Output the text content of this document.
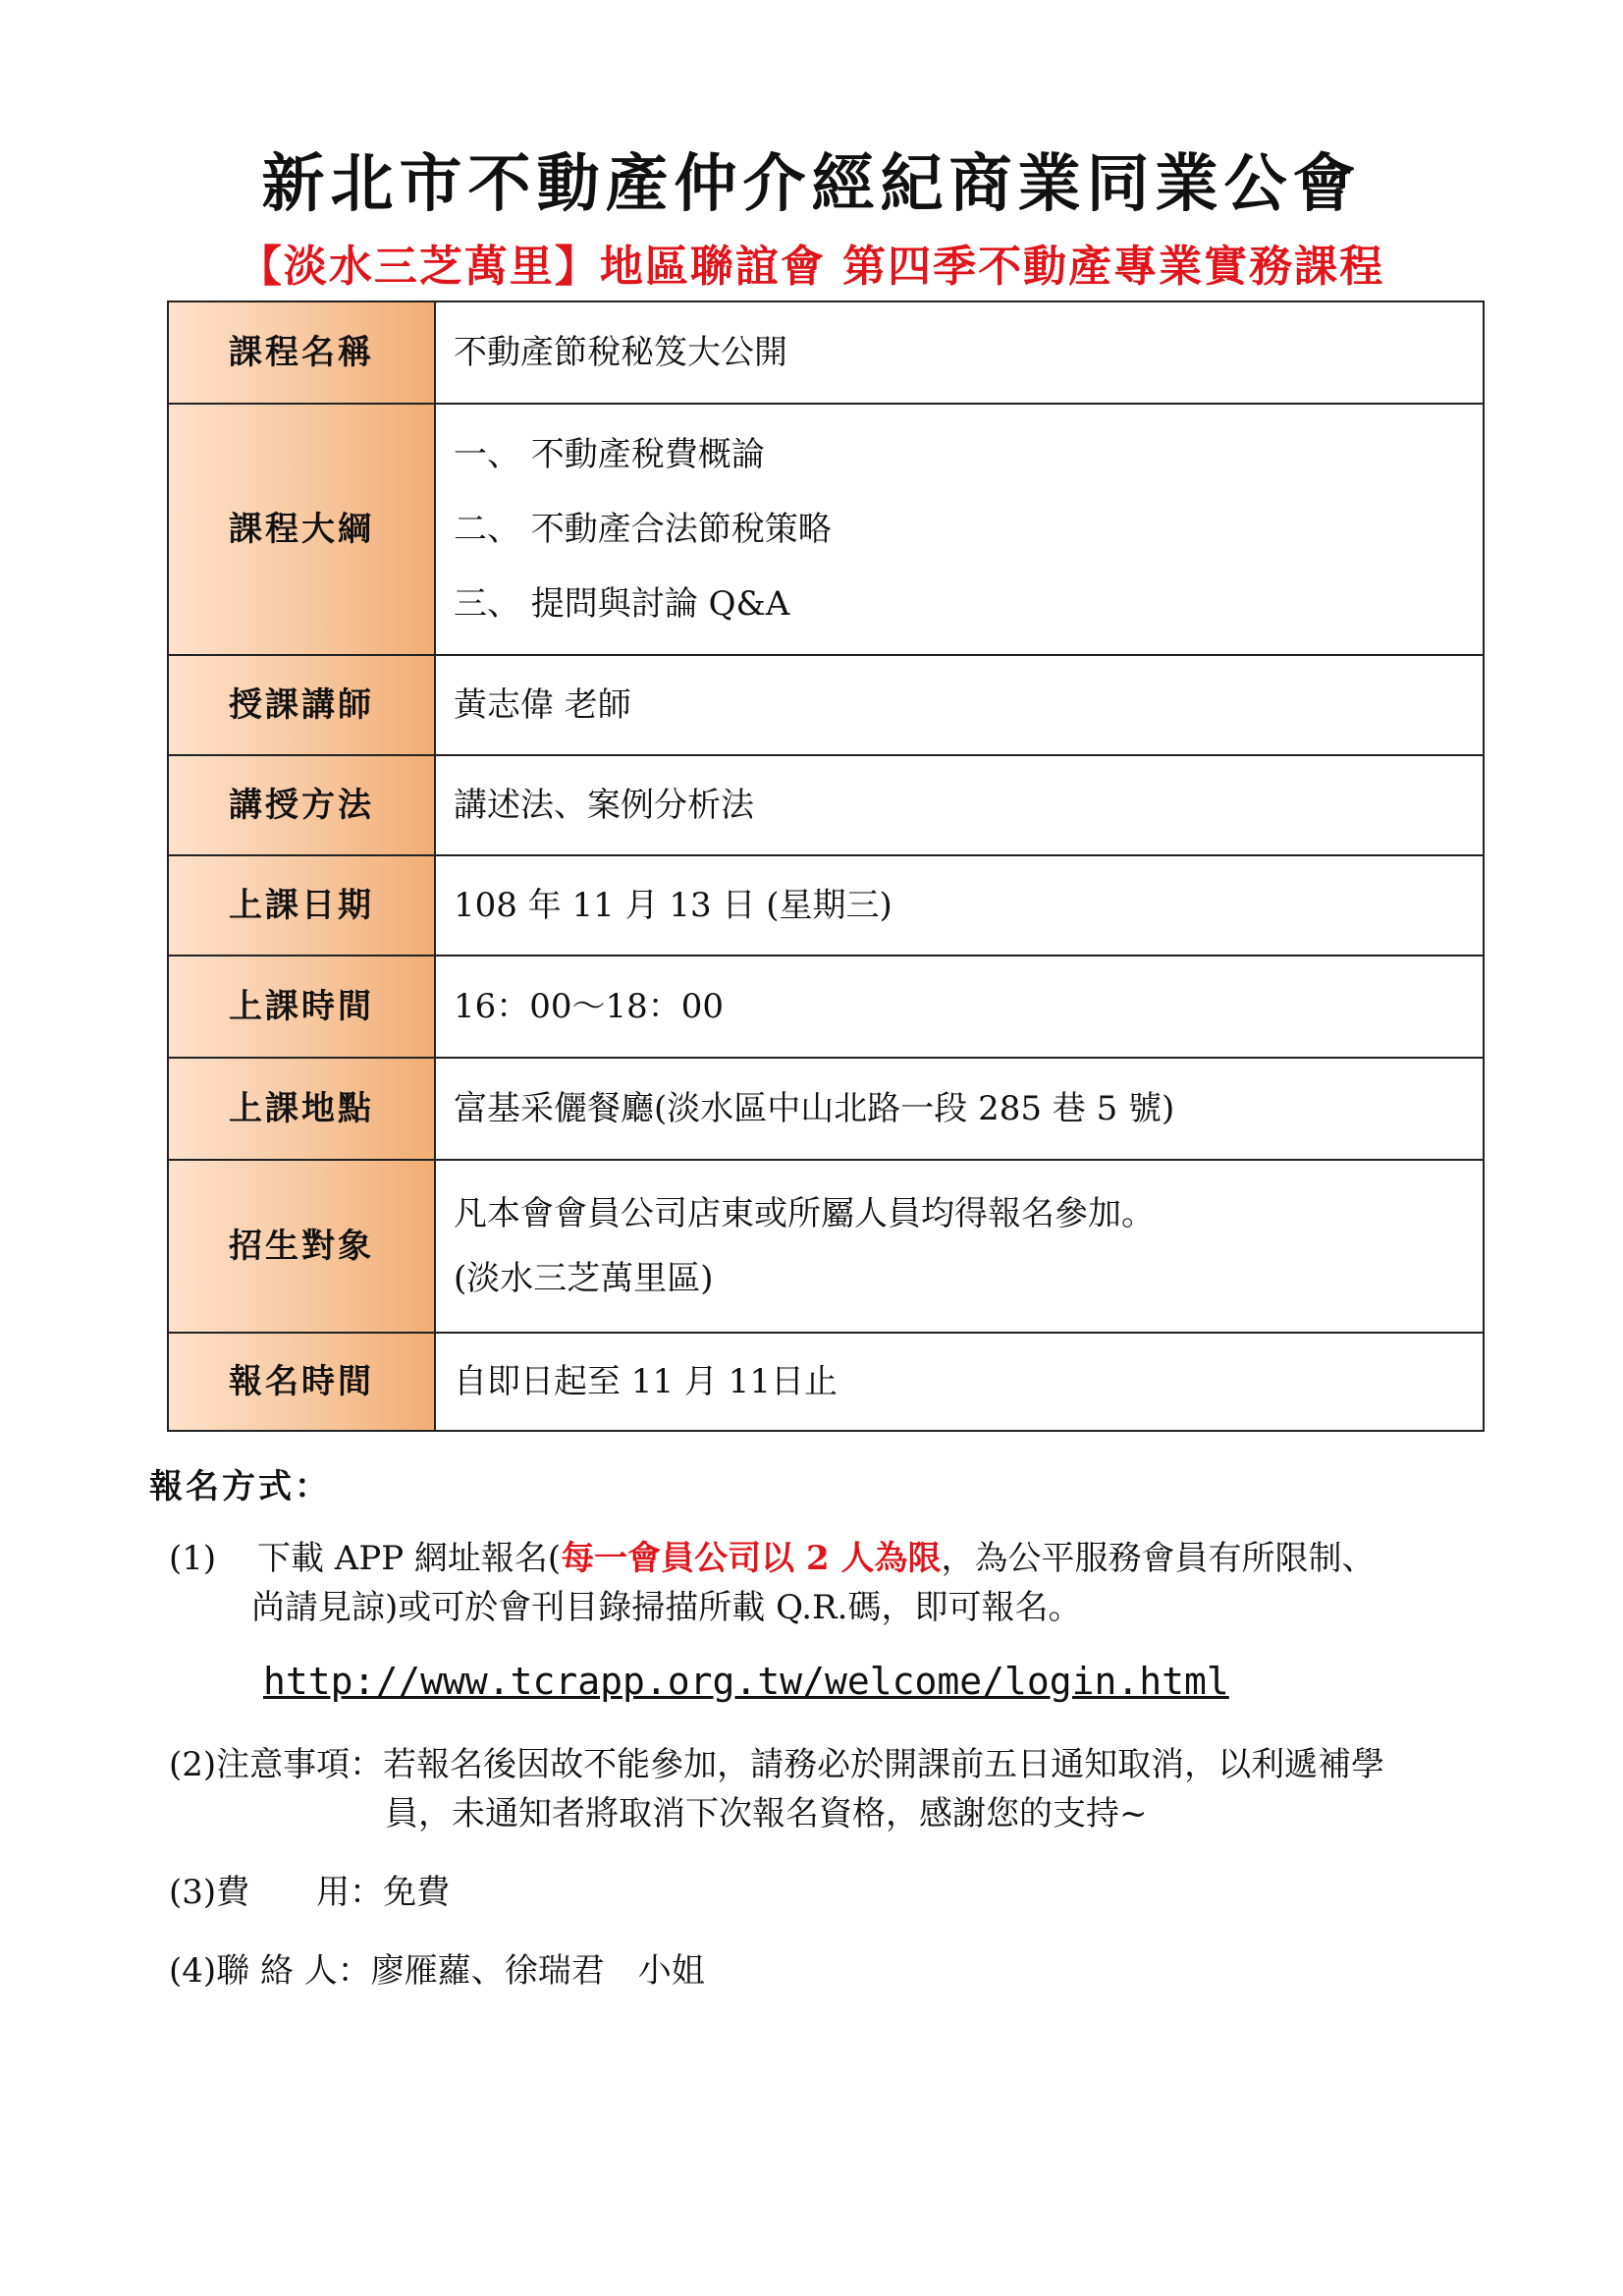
新北市不動產仲介經紀商業同業公會
【淡水三芝萬里】地區聯誼會 第四季不動產專業實務課程
課程名稱	不動產節稅秘笈大公開
課程大綱	一、 不動產稅費概論
二、 不動產合法節稅策略
三、 提問與討論 Q&A

授課講師	黃志偉 老師
講授方法	講述法、案例分析法
上課日期	108 年 11 月 13 日 (星期三)
上課時間	16：00～18：00
上課地點	富基采儷餐廳(淡水區中山北路一段 285 巷 5 號)
招生對象	凡本會會員公司店東或所屬人員均得報名參加。
(淡水三芝萬里區)

報名時間	自即日起至 11 月 11日止
報名方式：
(1) 下載 APP 網址報名(每一會員公司以 2 人為限，為公平服務會員有所限制、
尚請見諒)或可於會刊目錄掃描所載 Q.R.碼，即可報名。
http://www.tcrapp.org.tw/welcome/login.html
(2)注意事項：若報名後因故不能參加，請務必於開課前五日通知取消，以利遞補學
員，未通知者將取消下次報名資格，感謝您的支持~
(3)費　　用：免費
(4)聯 絡 人：廖雁蘿、徐瑞君　小姐
